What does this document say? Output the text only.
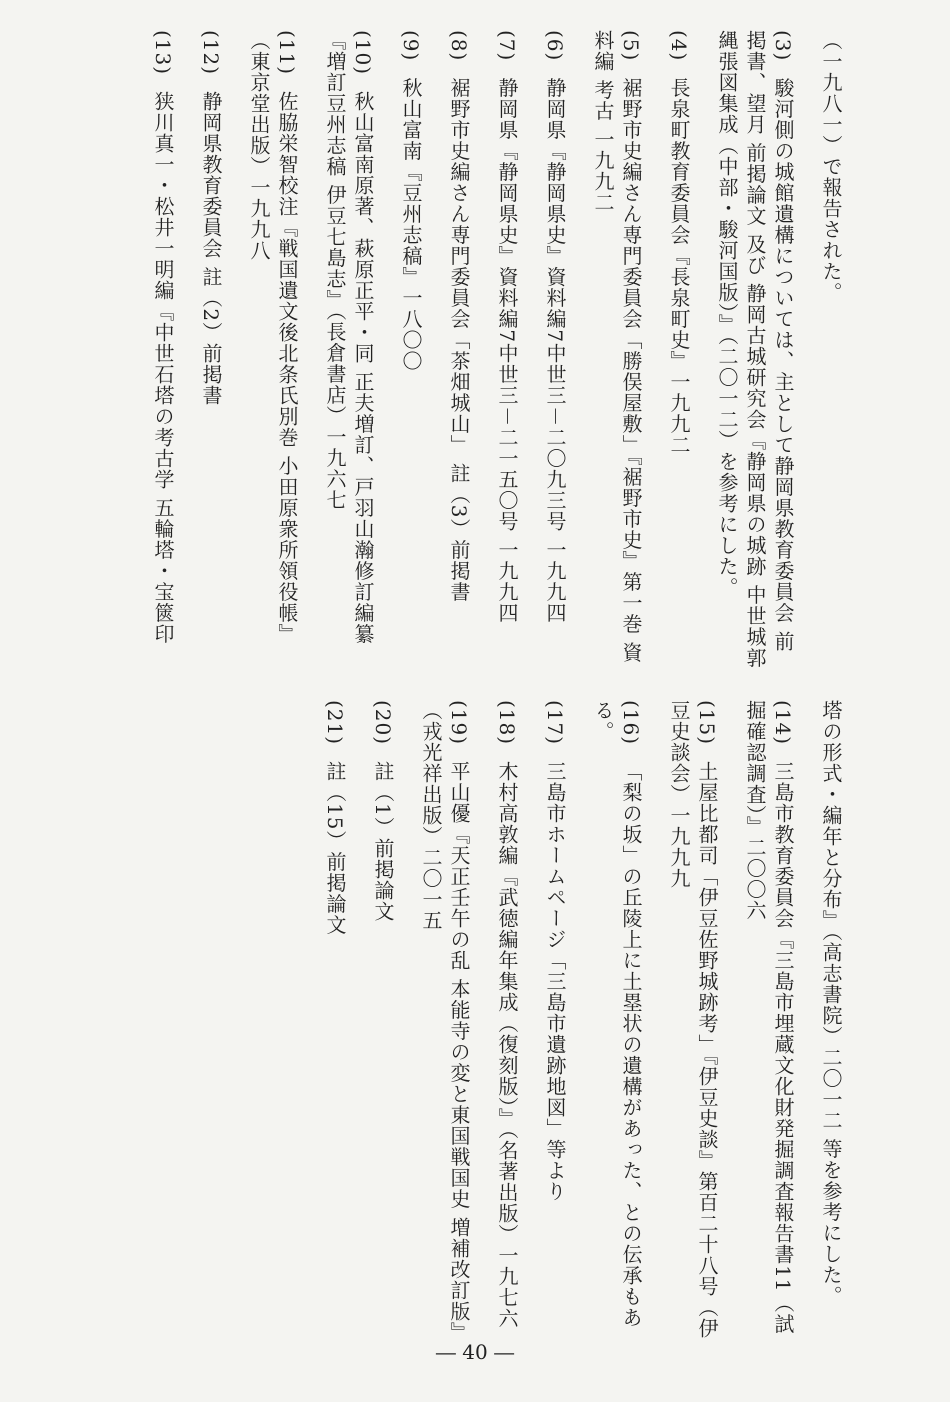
（一九八一）で報告された。
(3)駿河側の城館遺構については、主として静岡県教育委員会 前掲書、望月 前掲論文 及び 静岡古城研究会『静岡県の城跡 中世城郭縄張図集成（中部・駿河国版）』（二〇一二）を参考にした。
(4)長泉町教育委員会『長泉町史』一九九二
(5)裾野市史編さん専門委員会「勝俣屋敷」『裾野市史』第一巻 資料編 考古 一九九二
(6)静岡県『静岡県史』資料編7中世三－二〇九三号 一九九四
(7)静岡県『静岡県史』資料編7中世三－二一五〇号 一九九四
(8)裾野市史編さん専門委員会「茶畑城山」 註（3）前掲書
(9)秋山富南『豆州志稿』一八〇〇
(10)秋山富南原著、萩原正平・同 正夫増訂、戸羽山瀚修訂編纂『増訂豆州志稿 伊豆七島志』（長倉書店）一九六七
(11)佐脇栄智校注『戦国遺文後北条氏別巻 小田原衆所領役帳』（東京堂出版）一九九八
(12)静岡県教育委員会 註（2）前掲書
(13)狭川真一・松井一明編『中世石塔の考古学 五輪塔・宝篋印
塔の形式・編年と分布』（高志書院）二〇一二 等を参考にした。
(14)三島市教育委員会『三島市埋蔵文化財発掘調査報告書11（試掘確認調査）』二〇〇六
(15)土屋比都司「伊豆佐野城跡考」『伊豆史談』第百二十八号（伊豆史談会）一九九九
(16)「梨の坂」の丘陵上に土塁状の遺構があった、との伝承もある。
(17)三島市ホームページ「三島市遺跡地図」等より
(18)木村高敦編『武徳編年集成（復刻版）』（名著出版）一九七六
(19)平山優『天正壬午の乱 本能寺の変と東国戦国史 増補改訂版』（戎光祥出版）二〇一五
(20)註（1）前掲論文
(21)註（15）前掲論文
― 40 ―
